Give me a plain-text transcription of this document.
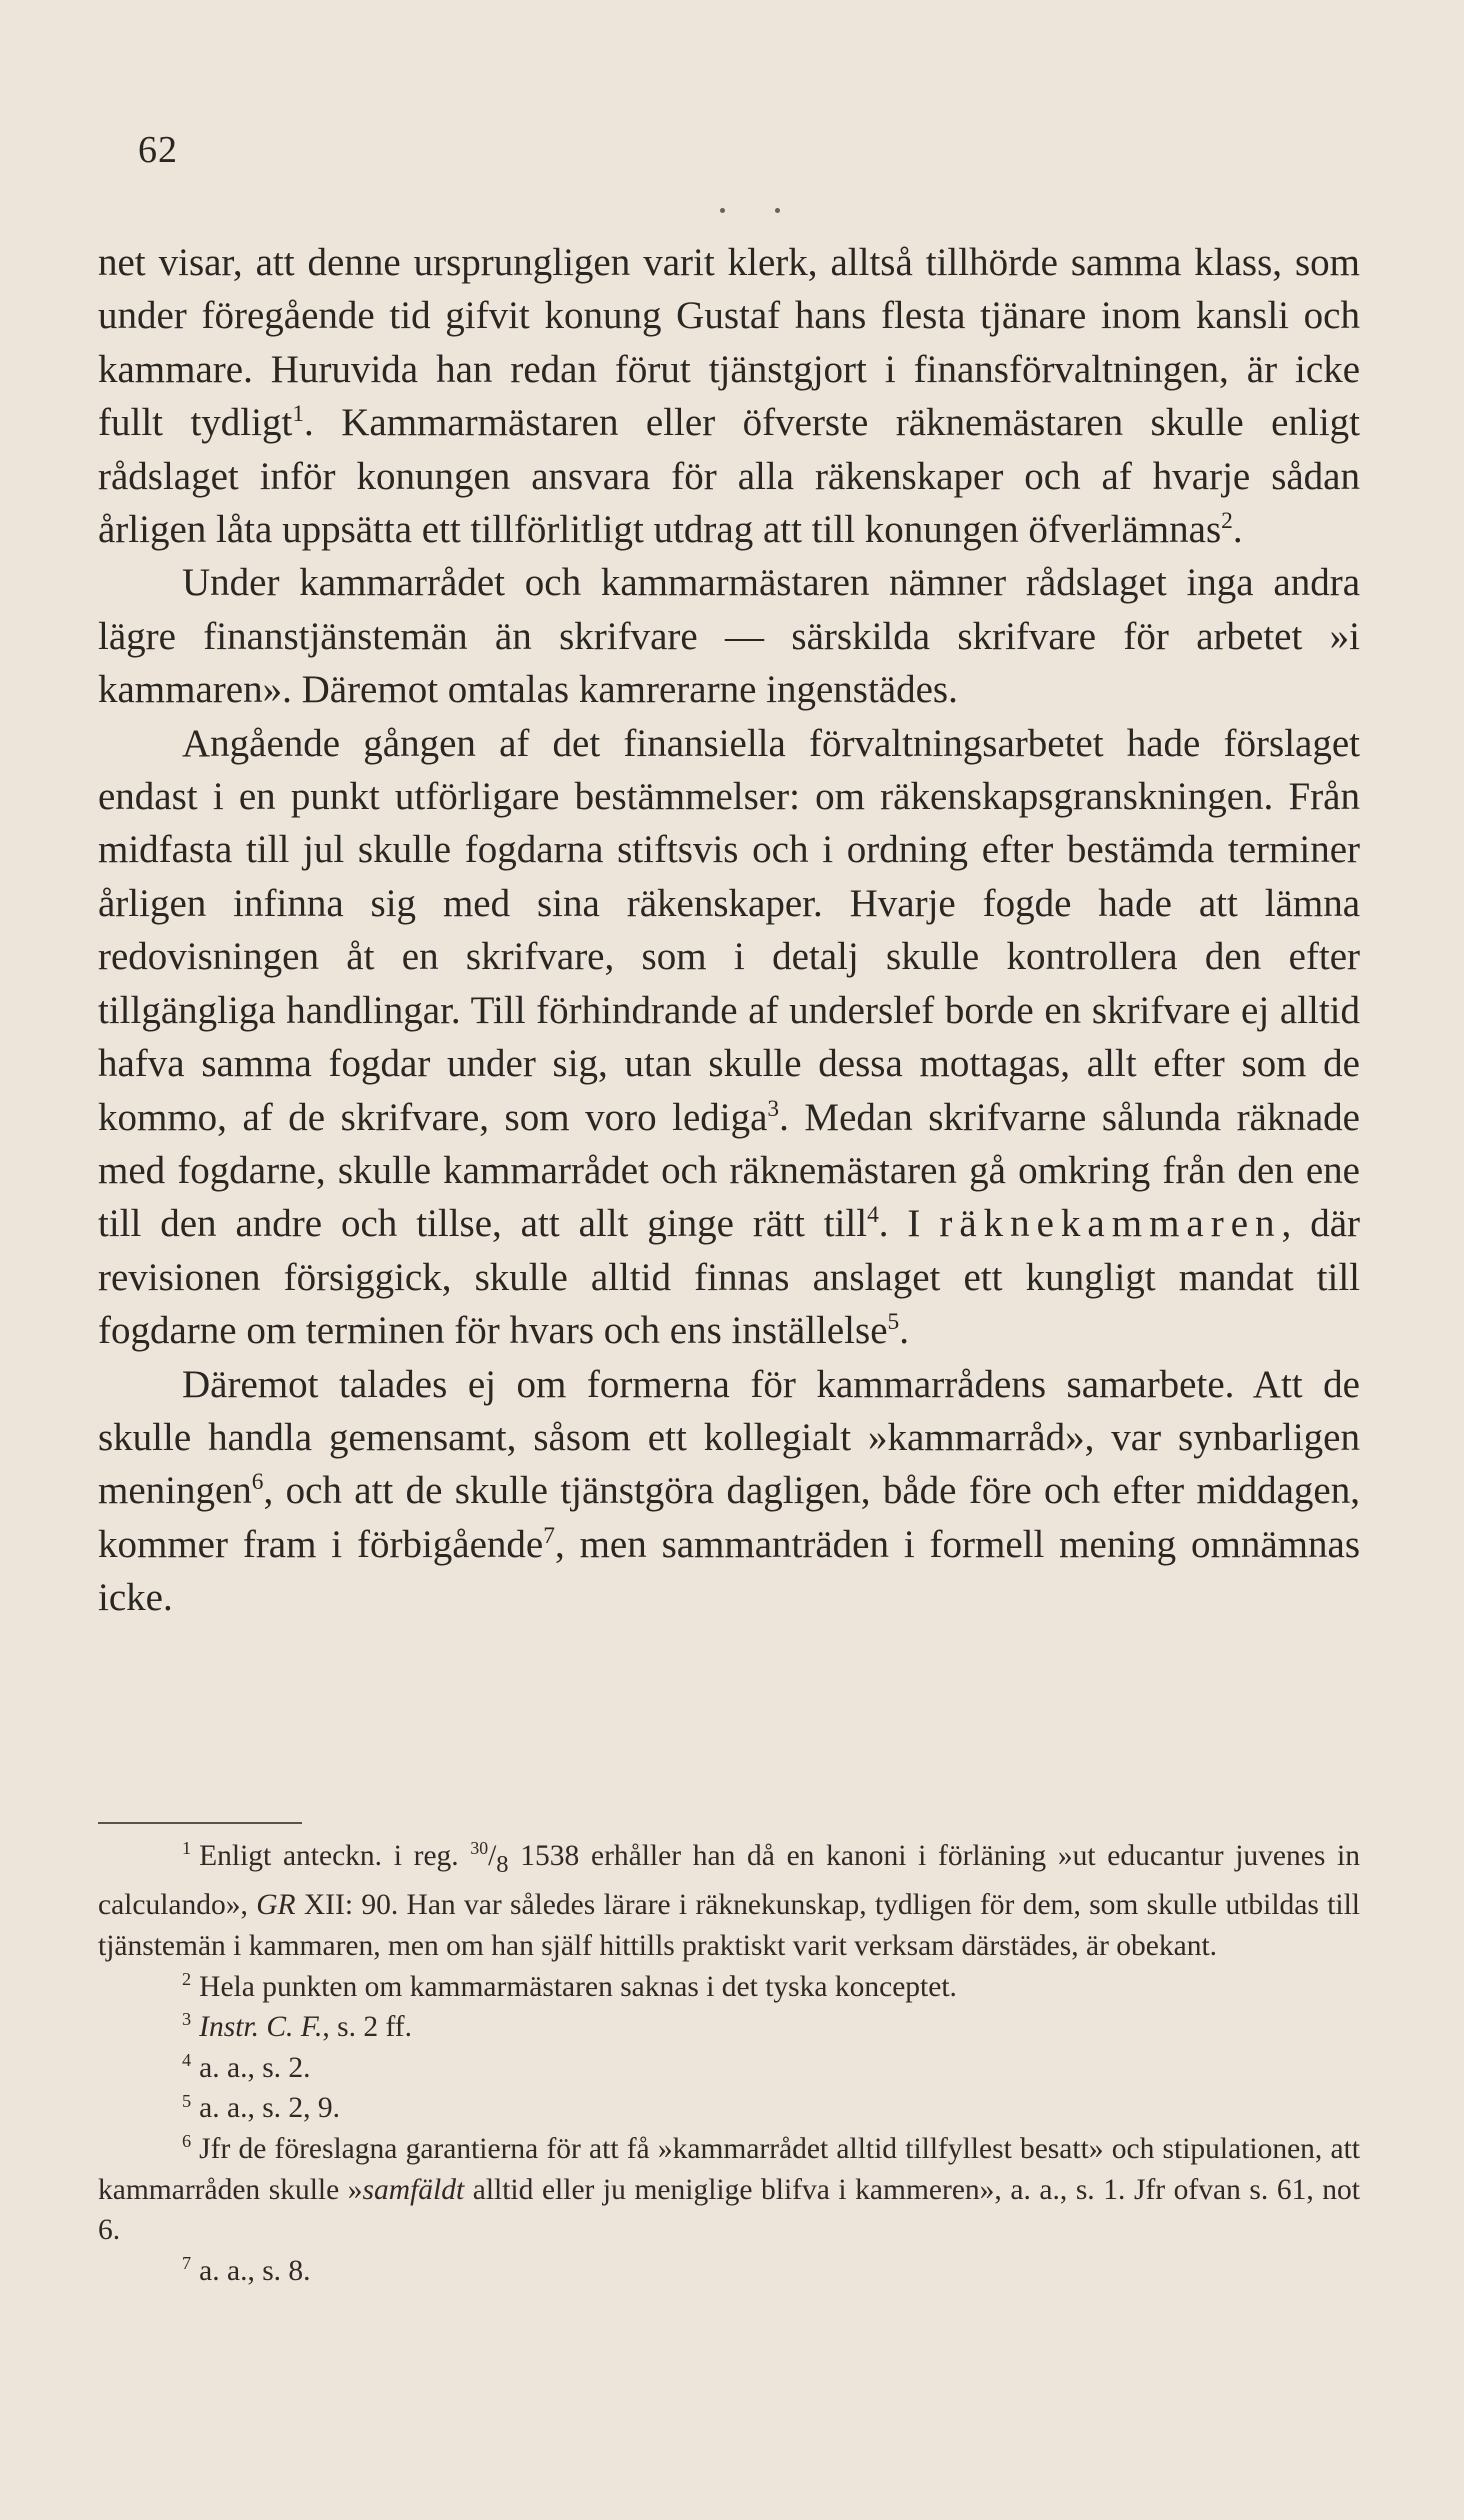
62

net visar, att denne ursprungligen varit klerk, alltså tillhörde samma klass, som under föregående tid gifvit konung Gustaf hans flesta tjänare inom kansli och kammare. Huruvida han redan förut tjänstgjort i finansförvaltningen, är icke fullt tydligt$^1$. Kammarmästaren eller öfverste räknemästaren skulle enligt rådslaget inför konungen ansvara för alla räkenskaper och af hvarje sådan årligen låta uppsätta ett tillförlitligt utdrag att till konungen öfverlämnas$^2$.

Under kammarrådet och kammarmästaren nämner rådslaget inga andra lägre finanstjänstemän än skrifvare — särskilda skrifvare för arbetet »i kammaren». Däremot omtalas kamrerarne ingenstädes.

Angående gången af det finansiella förvaltningsarbetet hade förslaget endast i en punkt utförligare bestämmelser: om räkenskapsgranskningen. Från midfasta till jul skulle fogdarna stiftsvis och i ordning efter bestämda terminer årligen infinna sig med sina räkenskaper. Hvarje fogde hade att lämna redovisningen åt en skrifvare, som i detalj skulle kontrollera den efter tillgängliga handlingar. Till förhindrande af underslef borde en skrifvare ej alltid hafva samma fogdar under sig, utan skulle dessa mottagas, allt efter som de kommo, af de skrifvare, som voro lediga$^3$. Medan skrifvarne sålunda räknade med fogdarne, skulle kammarrådet och räknemästaren gå omkring från den ene till den andre och tillse, att allt ginge rätt till$^4$. I räknekammaren, där revisionen försiggick, skulle alltid finnas anslaget ett kungligt mandat till fogdarne om terminen för hvars och ens inställelse$^5$.

Däremot talades ej om formerna för kammarrådens samarbete. Att de skulle handla gemensamt, såsom ett kollegialt »kammarråd», var synbarligen meningen$^6$, och att de skulle tjänstgöra dagligen, både före och efter middagen, kommer fram i förbigående$^7$, men sammanträden i formell mening omnämnas icke.

$^1$ Enligt anteckn. i reg. $^{30}/_8$ 1538 erhåller han då en kanoni i förläning »ut educantur juvenes in calculando», GR XII: 90. Han var således lärare i räknekunskap, tydligen för dem, som skulle utbildas till tjänstemän i kammaren, men om han själf hittills praktiskt varit verksam därstädes, är obekant.

$^2$ Hela punkten om kammarmästaren saknas i det tyska konceptet.

$^3$ Instr. C. F., s. 2 ff.

$^4$ a. a., s. 2.

$^5$ a. a., s. 2, 9.

$^6$ Jfr de föreslagna garantierna för att få »kammarrådet alltid tillfyllest besatt» och stipulationen, att kammarråden skulle »samfäldt alltid eller ju meniglige blifva i kammeren», a. a., s. 1. Jfr ofvan s. 61, not 6.

$^7$ a. a., s. 8.
